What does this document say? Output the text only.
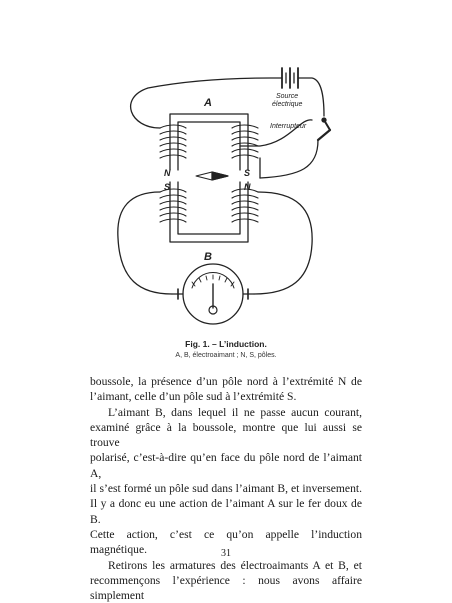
Source
électrique
Interrupteur
A
N	S
B
S	N
Fig. 1. – L’induction.
A, B, électroaimant ; N, S, pôles.

boussole, la présence d’un pôle nord à l’extrémité N de

l’aimant, celle d’un pôle sud à l’extrémité S.

L’aimant B, dans lequel il ne passe aucun courant,

examiné grâce à la boussole, montre que lui aussi se trouve

polarisé, c’est-à-dire qu’en face du pôle nord de l’aimant A,

il s’est formé un pôle sud dans l’aimant B, et inversement.

Il y a donc eu une action de l’aimant A sur le fer doux de B.

Cette action, c’est ce qu’on appelle l’induction magnétique.

Retirons les armatures des électroaimants A et B, et

recommençons l’expérience : nous avons affaire simplement

31
